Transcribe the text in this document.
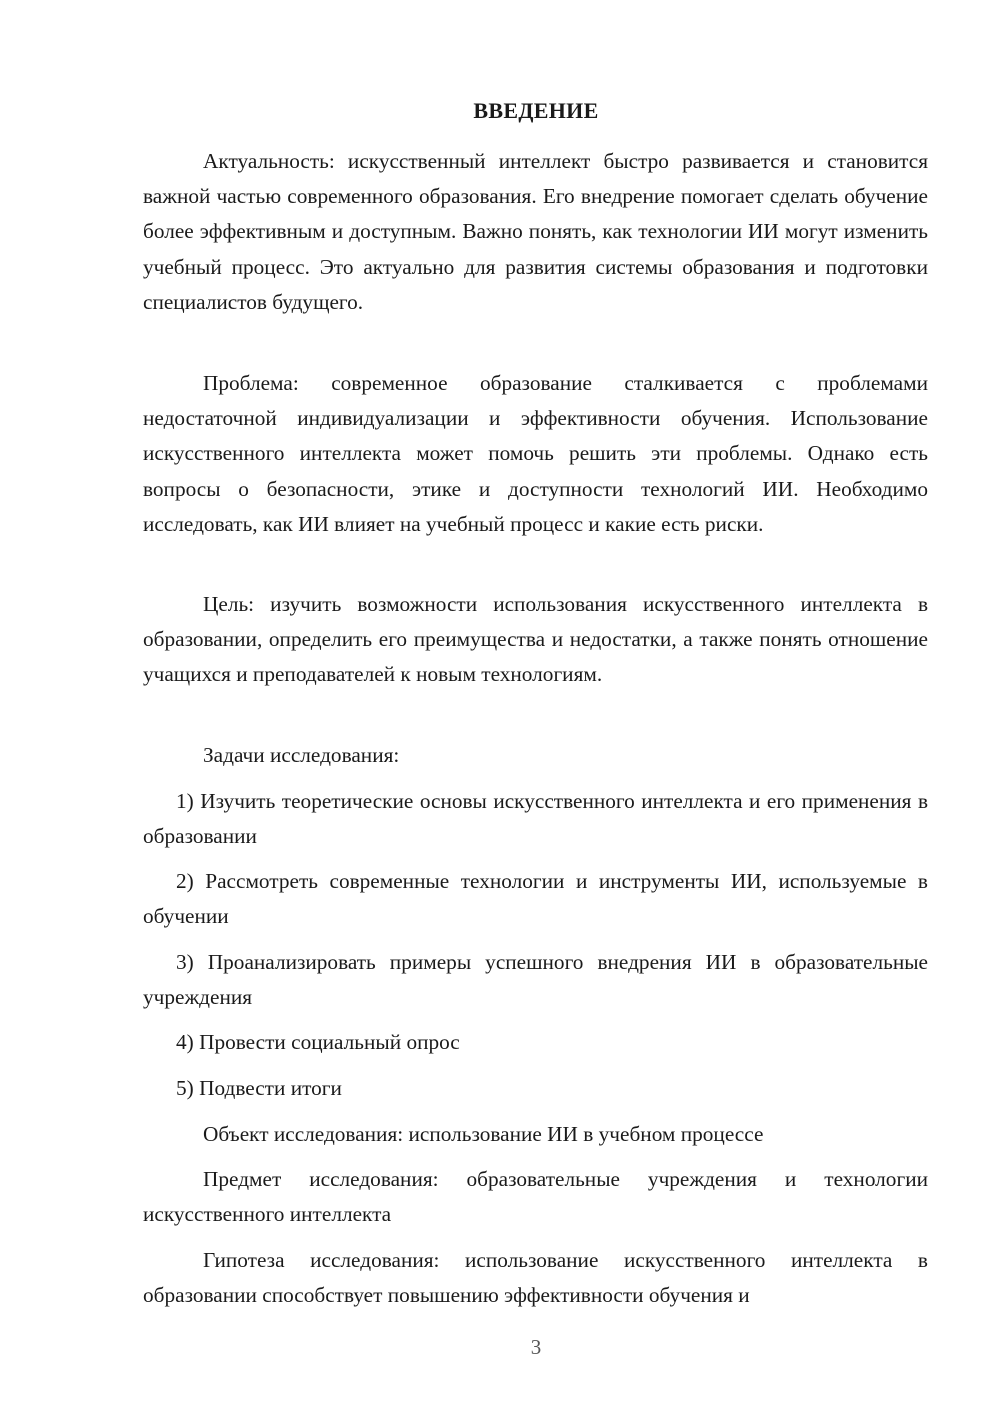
ВВЕДЕНИЕ
Актуальность: искусственный интеллект быстро развивается и становится важной частью современного образования. Его внедрение помогает сделать обучение более эффективным и доступным. Важно понять, как технологии ИИ могут изменить учебный процесс. Это актуально для развития системы образования и подготовки специалистов будущего.
Проблема: современное образование сталкивается с проблемами недостаточной индивидуализации и эффективности обучения. Использование искусственного интеллекта может помочь решить эти проблемы. Однако есть вопросы о безопасности, этике и доступности технологий ИИ. Необходимо исследовать, как ИИ влияет на учебный процесс и какие есть риски.
Цель: изучить возможности использования искусственного интеллекта в образовании, определить его преимущества и недостатки, а также понять отношение учащихся и преподавателей к новым технологиям.
Задачи исследования:
1) Изучить теоретические основы искусственного интеллекта и его применения в образовании
2) Рассмотреть современные технологии и инструменты ИИ, используемые в обучении
3) Проанализировать примеры успешного внедрения ИИ в образовательные учреждения
4) Провести социальный опрос
5) Подвести итоги
Объект исследования: использование ИИ в учебном процессе
Предмет исследования: образовательные учреждения и технологии искусственного интеллекта
Гипотеза исследования: использование искусственного интеллекта в образовании способствует повышению эффективности обучения и
3
